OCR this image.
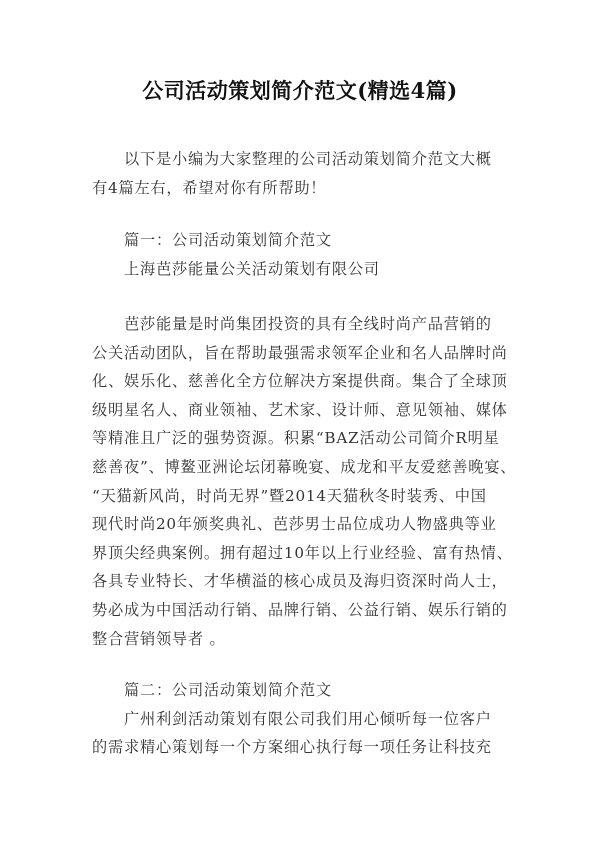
公司活动策划简介范文(精选4篇)
以下是小编为大家整理的公司活动策划简介范文大概
有4篇左右，希望对你有所帮助！
篇一：公司活动策划简介范文
上海芭莎能量公关活动策划有限公司
芭莎能量是时尚集团投资的具有全线时尚产品营销的
公关活动团队，旨在帮助最强需求领军企业和名人品牌时尚
化、娱乐化、慈善化全方位解决方案提供商。集合了全球顶
级明星名人、商业领袖、艺术家、设计师、意见领袖、媒体
等精准且广泛的强势资源。积累“BAZ活动公司简介R明星
慈善夜”、博鳌亚洲论坛闭幕晚宴、成龙和平友爱慈善晚宴、
“天猫新风尚，时尚无界”暨2014天猫秋冬时装秀、中国
现代时尚20年颁奖典礼、芭莎男士品位成功人物盛典等业
界顶尖经典案例。拥有超过10年以上行业经验、富有热情、
各具专业特长、才华横溢的核心成员及海归资深时尚人士，
势必成为中国活动行销、品牌行销、公益行销、娱乐行销的
整合营销领导者 。
篇二：公司活动策划简介范文
广州利剑活动策划有限公司我们用心倾听每一位客户
的需求精心策划每一个方案细心执行每一项任务让科技充
